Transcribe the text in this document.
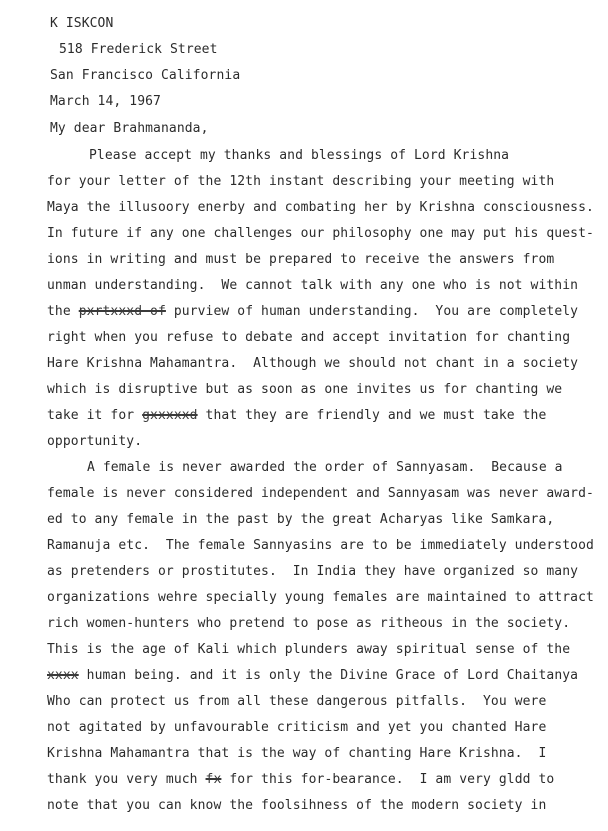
K ISKCON
518 Frederick Street
San Francisco California
March 14, 1967
My dear Brahmananda,
Please accept my thanks and blessings of Lord Krishna
for your letter of the 12th instant describing your meeting with
Maya the illusoory enerby and combating her by Krishna consciousness.
In future if any one challenges our philosophy one may put his quest-
ions in writing and must be prepared to receive the answers from
unman understanding.  We cannot talk with any one who is not within
the pxrtxxxd of purview of human understanding.  You are completely
right when you refuse to debate and accept invitation for chanting
Hare Krishna Mahamantra.  Although we should not chant in a society
which is disruptive but as soon as one invites us for chanting we
take it for gxxxxxd that they are friendly and we must take the
opportunity.
A female is never awarded the order of Sannyasam.  Because a
female is never considered independent and Sannyasam was never award-
ed to any female in the past by the great Acharyas like Samkara,
Ramanuja etc.  The female Sannyasins are to be immediately understood
as pretenders or prostitutes.  In India they have organized so many
organizations wehre specially young females are maintained to attract
rich women-hunters who pretend to pose as ritheous in the society.
This is the age of Kali which plunders away spiritual sense of the
xxxx human being. and it is only the Divine Grace of Lord Chaitanya
Who can protect us from all these dangerous pitfalls.  You were
not agitated by unfavourable criticism and yet you chanted Hare
Krishna Mahamantra that is the way of chanting Hare Krishna.  I
thank you very much fx for this for-bearance.  I am very gldd to
note that you can know the foolsihness of the modern society in
